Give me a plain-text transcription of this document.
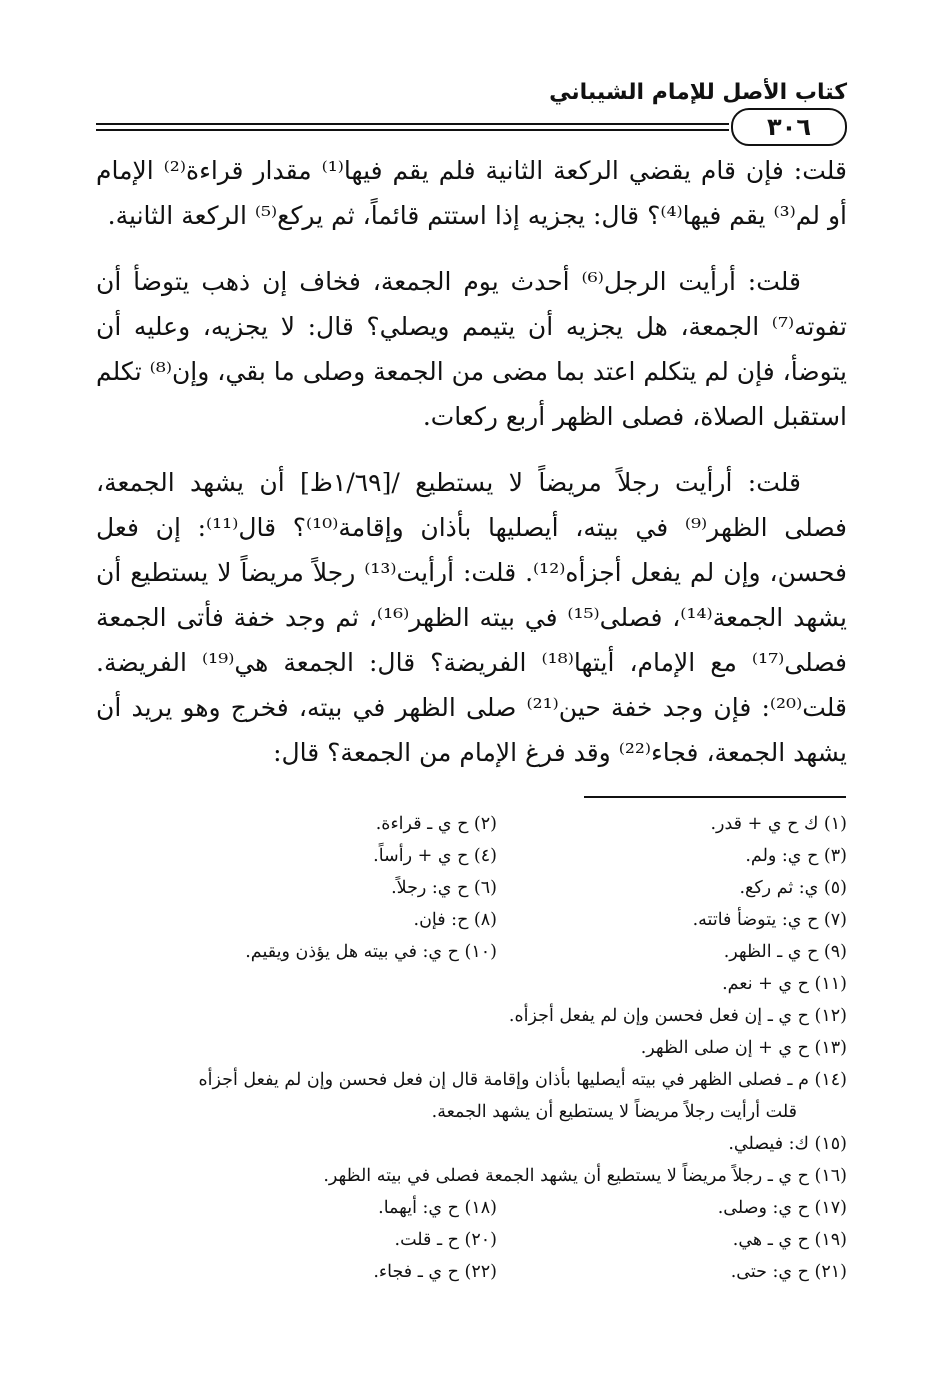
كتاب الأصل للإمام الشيباني
٣٠٦

قلت: فإن قام يقضي الركعة الثانية فلم يقم فيها⁽¹⁾ مقدار قراءة⁽²⁾ الإمام أو لم⁽³⁾ يقم فيها⁽⁴⁾؟ قال: يجزيه إذا استتم قائماً، ثم يركع⁽⁵⁾ الركعة الثانية.

قلت: أرأيت الرجل⁽⁶⁾ أحدث يوم الجمعة، فخاف إن ذهب يتوضأ أن تفوته⁽⁷⁾ الجمعة، هل يجزيه أن يتيمم ويصلي؟ قال: لا يجزيه، وعليه أن يتوضأ، فإن لم يتكلم اعتد بما مضى من الجمعة وصلى ما بقي، وإن⁽⁸⁾ تكلم استقبل الصلاة، فصلى الظهر أربع ركعات.

قلت: أرأيت رجلاً مريضاً لا يستطيع /[١/٦٩ظ] أن يشهد الجمعة، فصلى الظهر⁽⁹⁾ في بيته، أيصليها بأذان وإقامة⁽¹⁰⁾؟ قال⁽¹¹⁾: إن فعل فحسن، وإن لم يفعل أجزأه⁽¹²⁾. قلت: أرأيت⁽¹³⁾ رجلاً مريضاً لا يستطيع أن يشهد الجمعة⁽¹⁴⁾، فصلى⁽¹⁵⁾ في بيته الظهر⁽¹⁶⁾، ثم وجد خفة فأتى الجمعة فصلى⁽¹⁷⁾ مع الإمام، أيتها⁽¹⁸⁾ الفريضة؟ قال: الجمعة هي⁽¹⁹⁾ الفريضة. قلت⁽²⁰⁾: فإن وجد خفة حين⁽²¹⁾ صلى الظهر في بيته، فخرج وهو يريد أن يشهد الجمعة، فجاء⁽²²⁾ وقد فرغ الإمام من الجمعة؟ قال:

(١) ك ح ي + قدر.
(٢) ح ي ـ قراءة.
(٣) ح ي: ولم.
(٤) ح ي + رأساً.
(٥) ي: ثم ركع.
(٦) ح ي: رجلاً.
(٧) ح ي: يتوضأ فاتته.
(٨) ح: فإن.
(٩) ح ي ـ الظهر.
(١٠) ح ي: في بيته هل يؤذن ويقيم.
(١١) ح ي + نعم.
(١٢) ح ي ـ إن فعل فحسن وإن لم يفعل أجزأه.
(١٣) ح ي + إن صلى الظهر.
(١٤) م ـ فصلى الظهر في بيته أيصليها بأذان وإقامة قال إن فعل فحسن وإن لم يفعل أجزأه
قلت أرأيت رجلاً مريضاً لا يستطيع أن يشهد الجمعة.
(١٥) ك: فيصلي.
(١٦) ح ي ـ رجلاً مريضاً لا يستطيع أن يشهد الجمعة فصلى في بيته الظهر.
(١٧) ح ي: وصلى.
(١٨) ح ي: أيهما.
(١٩) ح ي ـ هي.
(٢٠) ح ـ قلت.
(٢١) ح ي: حتى.
(٢٢) ح ي ـ فجاء.
